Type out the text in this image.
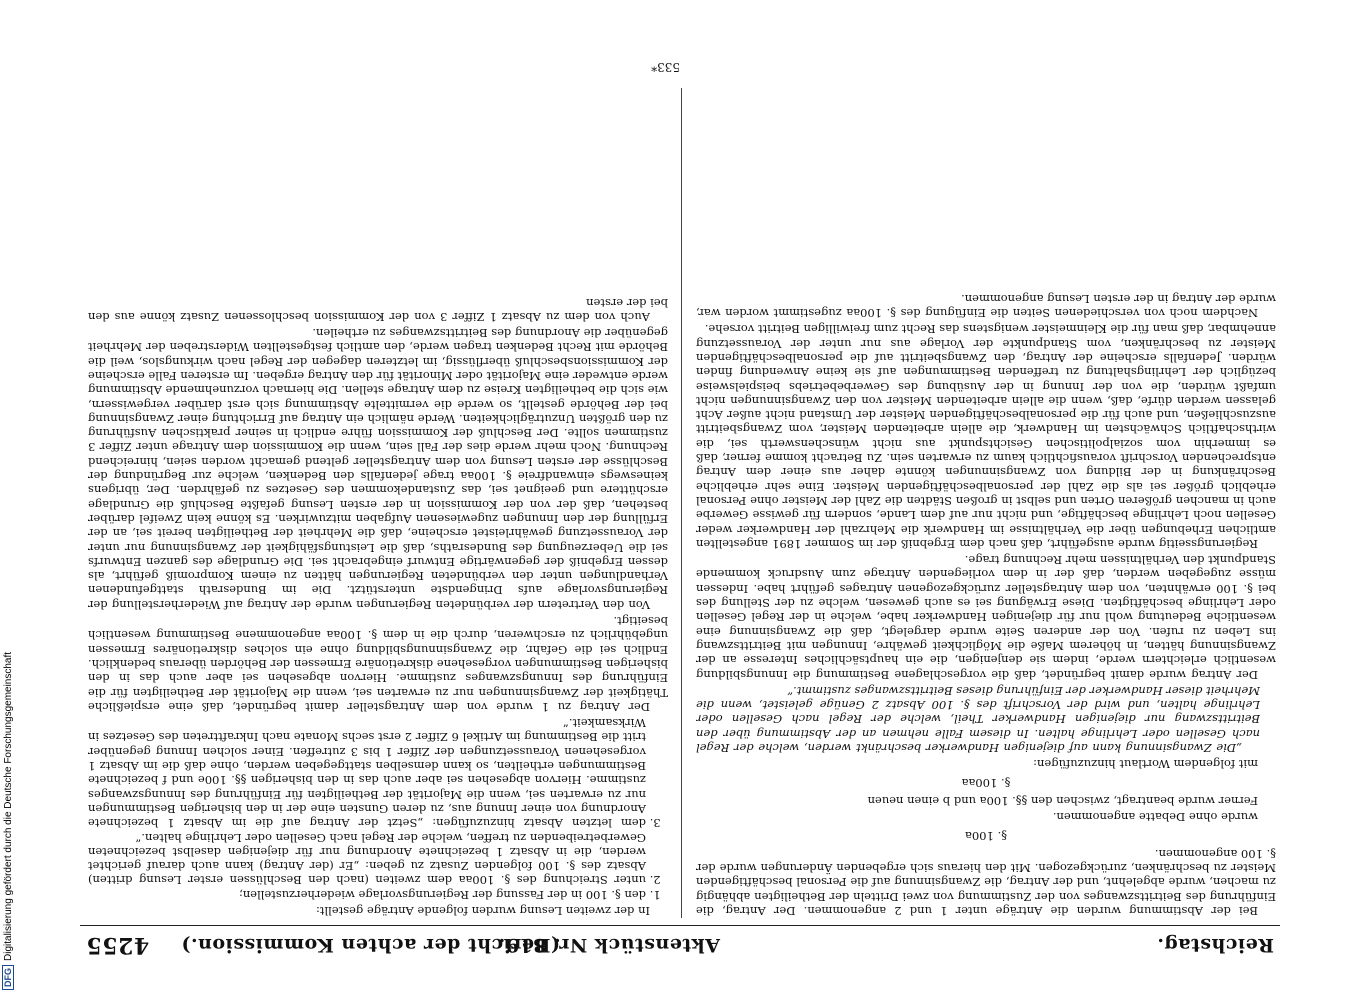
Reichstag.
Aktenstück Nr. 819.
(Bericht der achten Kommission.)
4255

Bei der Abstimmung wurden die Anträge unter 1 und 2 angenommen. Der Antrag, die Einführung des Beitrittszwanges von der Zustimmung von zwei Dritteln der Betheiligten abhängig zu machen, wurde abgelehnt, und der Antrag, die Zwangsinnung auf die Personal beschäftigenden Meister zu beschränken, zurückgezogen. Mit den hieraus sich ergebenden Änderungen wurde der §. 100 angenommen.

§. 100a

wurde ohne Debatte angenommen.

Ferner wurde beantragt, zwischen den §§. 100a und b einen neuen

§. 100aa

mit folgendem Wortlaut hinzuzufügen:

„Die Zwangsinnung kann auf diejenigen Handwerker beschränkt werden, welche der Regel nach Gesellen oder Lehrlinge halten. In diesem Falle nehmen an der Abstimmung über den Beitrittszwang nur diejenigen Handwerker Theil, welche der Regel nach Gesellen oder Lehrlinge halten, und wird der Vorschrift des §. 100 Absatz 2 Genüge geleistet, wenn die Mehrheit dieser Handwerker der Einführung dieses Beitrittszwanges zustimmt.“

Der Antrag wurde damit begründet, daß die vorgeschlagene Bestimmung die Innungsbildung wesentlich erleichtern werde, indem sie denjenigen, die ein hauptsächliches Interesse an der Zwangsinnung hätten, in höherem Maße die Möglichkeit gewähre, Innungen mit Beitrittszwang ins Leben zu rufen. Von der anderen Seite wurde dargelegt, daß die Zwangsinnung eine wesentliche Bedeutung wohl nur für diejenigen Handwerker habe, welche in der Regel Gesellen oder Lehrlinge beschäftigten. Diese Erwägung sei es auch gewesen, welche zu der Stellung des bei §. 100 erwähnten, von dem Antragsteller zurückgezogenen Antrages geführt habe. Indessen müsse zugegeben werden, daß der in dem vorliegenden Antrage zum Ausdruck kommende Standpunkt den Verhältnissen mehr Rechnung trage.

Regierungsseitig wurde ausgeführt, daß nach dem Ergebniß der im Sommer 1891 angestellten amtlichen Erhebungen über die Verhältnisse im Handwerk die Mehrzahl der Handwerker weder Gesellen noch Lehrlinge beschäftige, und nicht nur auf dem Lande, sondern für gewisse Gewerbe auch in manchen größeren Orten und selbst in großen Städten die Zahl der Meister ohne Personal erheblich größer sei als die Zahl der personalbeschäftigenden Meister. Eine sehr erhebliche Beschränkung in der Bildung von Zwangsinnungen könnte daher aus einer dem Antrag entsprechenden Vorschrift vorausfichtlich kaum zu erwarten sein. Zu Betracht komme ferner, daß es immerhin vom sozialpolitischen Gesichtspunkt aus nicht wünschenswerth sei, die wirthschaftlich Schwächsten im Handwerk, die allein arbeitenden Meister, vom Zwangsbeitritt auszuschließen, und auch für die personalbeschäftigenden Meister der Umstand nicht außer Acht gelassen werden dürfe, daß, wenn die allein arbeitenden Meister von den Zwangsinnungen nicht umfaßt würden, die von der Innung in der Ausübung des Gewerbebetriebs beispielsweise bezüglich der Lehrlingshaltung zu treffenden Bestimmungen auf sie keine Anwendung finden würden. Jedenfalls erscheine der Antrag, den Zwangsbeitritt auf die personalbeschäftigenden Meister zu beschränken, vom Standpunkte der Vorlage aus nur unter der Voraussetzung annehmbar, daß man für die Kleinmeister wenigstens das Recht zum freiwilligen Beitritt vorsehe.

Nachdem noch von verschiedenen Seiten die Einfügung des §. 100aa zugestimmt worden war, wurde der Antrag in der ersten Lesung angenommen.

In der zweiten Lesung wurden folgende Anträge gestellt:

1. den §. 100 in der Fassung der Regierungsvorlage wiederherzustellen;
2. unter Streichung des §. 100aa dem zweiten (nach den Beschlüssen erster Lesung dritten) Absatz des §. 100 folgenden Zusatz zu geben: „Er (der Antrag) kann auch darauf gerichtet werden, die in Absatz 1 bezeichnete Anordnung nur für diejenigen daselbst bezeichneten Gewerbetreibenden zu treffen, welche der Regel nach Gesellen oder Lehrlinge halten.“
3. dem letzten Absatz hinzuzufügen: „Setzt der Antrag auf die im Absatz 1 bezeichnete Anordnung von einer Innung aus, zu deren Gunsten eine der in den bisherigen Bestimmungen nur zu erwarten sei, wenn die Majorität der Betheiligten für Einführung des Innungszwanges zustimme. Hiervon abgesehen sei aber auch das in den bisherigen §§. 100e und f bezeichnete Bestimmungen ertheilten, so kann demselben stattgegeben werden, ohne daß die im Absatz 1 vorgesehenen Voraussetzungen der Ziffer 1 bis 3 zutreffen. Einer solchen Innung gegenüber tritt die Bestimmung im Artikel 6 Ziffer 2 erst sechs Monate nach Inkrafttreten des Gesetzes in Wirksamkeit.“

Der Antrag zu 1 wurde von dem Antragsteller damit begründet, daß eine erspießliche Thätigkeit der Zwangsinnungen nur zu erwarten sei, wenn die Majorität der Betheiligten für die Einführung des Innungszwanges zustimme. Hiervon abgesehen sei aber auch das in den bisherigen Bestimmungen vorgesehene diskretionäre Ermessen der Behörden überaus bedenklich. Endlich sei die Gefahr, die Zwangsinnungsbildung ohne ein solches diskretionäres Ermessen ungebührlich zu erschweren, durch die in dem §. 100aa angenommene Bestimmung wesentlich beseitigt.

Von den Vertretern der verbündeten Regierungen wurde der Antrag auf Wiederherstellung der Regierungsvorlage aufs Dringendste unterstützt. Die im Bundesrath stattgefundenen Verhandlungen unter den verbündeten Regierungen hätten zu einem Kompromiß geführt, als dessen Ergebniß der gegenwärtige Entwurf eingebracht sei. Die Grundlage des ganzen Entwurfs sei die Ueberzeugung des Bundesraths, daß die Leistungsfähigkeit der Zwangsinnung nur unter der Voraussetzung gewährleistet erscheine, daß die Mehrheit der Betheiligten bereit sei, an der Erfüllung der den Innungen zugewiesenen Aufgaben mitzuwirken. Es könne kein Zweifel darüber bestehen, daß der von der Kommission in der ersten Lesung gefaßte Beschluß die Grundlage erschüttere und geeignet sei, das Zustandekommen des Gesetzes zu gefährden. Der, übrigens keineswegs einwandfreie §. 100aa trage jedenfalls den Bedenken, welche zur Begründung der Beschlüsse der ersten Lesung von dem Antragsteller geltend gemacht worden seien, hinreichend Rechnung. Noch mehr werde dies der Fall sein, wenn die Kommission dem Antrage unter Ziffer 3 zustimmen sollte. Der Beschluß der Kommission führe endlich in seiner praktischen Ausführung zu den größten Unzuträglichkeiten. Werde nämlich ein Antrag auf Errichtung einer Zwangsinnung bei der Behörde gestellt, so werde die vermittelte Abstimmung sich erst darüber vergewissern, wie sich die betheiligten Kreise zu dem Antrage stellen. Die hiernach vorzunehmende Abstimmung werde entweder eine Majorität oder Minorität für den Antrag ergeben. Im ersteren Falle erscheine der Kommissionsbeschluß überflüssig, im letzteren dagegen der Regel nach wirkungslos, weil die Behörde mit Recht Bedenken tragen werde, den amtlich festgestellten Widerstreben der Mehrheit gegenüber die Anordnung des Beitrittszwanges zu ertheilen.

Auch von dem zu Absatz 1 Ziffer 3 von der Kommission beschlossenen Zusatz könne aus den bei der ersten

533*
DFGDigitalisierung gefördert durch die Deutsche Forschungsgemeinschaft
